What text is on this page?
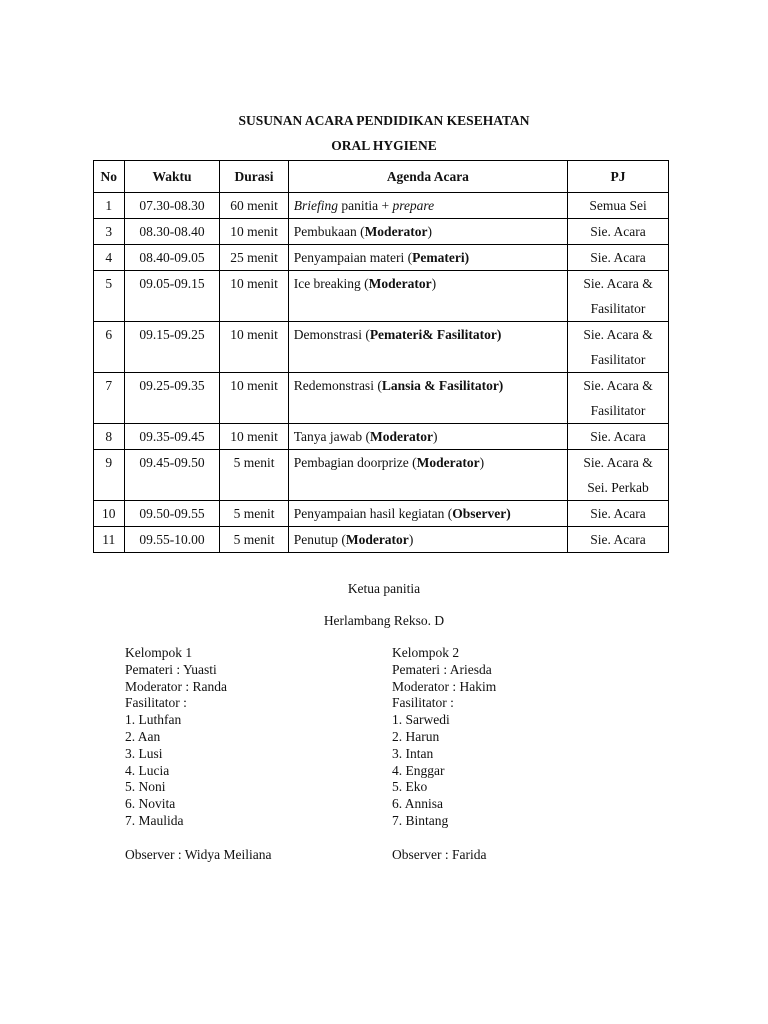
SUSUNAN ACARA PENDIDIKAN KESEHATAN
ORAL HYGIENE
No	Waktu	Durasi	Agenda Acara	PJ
1	07.30-08.30	60 menit	Briefing panitia + prepare	Semua Sei

3	08.30-08.40	10 menit	Pembukaan (Moderator)	Sie. Acara

4	08.40-09.05	25 menit	Penyampaian materi (Pemateri)	Sie. Acara

5	09.05-09.15	10 menit	Ice breaking (Moderator)	Sie. Acara &
Fasilitator

6	09.15-09.25	10 menit	Demonstrasi (Pemateri& Fasilitator)	Sie. Acara &
Fasilitator

7	09.25-09.35	10 menit	Redemonstrasi (Lansia & Fasilitator)	Sie. Acara &
Fasilitator

8	09.35-09.45	10 menit	Tanya jawab (Moderator)	Sie. Acara

9	09.45-09.50	5 menit	Pembagian doorprize (Moderator)	Sie. Acara &
Sei. Perkab

10	09.50-09.55	5 menit	Penyampaian hasil kegiatan (Observer)	Sie. Acara

11	09.55-10.00	5 menit	Penutup (Moderator)	Sie. Acara
Ketua panitia
Herlambang Rekso. D
Kelompok 1
Pemateri : Yuasti
Moderator : Randa
Fasilitator :
1. Luthfan
2. Aan
3. Lusi
4. Lucia
5. Noni
6. Novita
7. Maulida
Observer : Widya Meiliana
Kelompok 2
Pemateri : Ariesda
Moderator : Hakim
Fasilitator :
1. Sarwedi
2. Harun
3. Intan
4. Enggar
5. Eko
6. Annisa
7. Bintang
Observer : Farida
